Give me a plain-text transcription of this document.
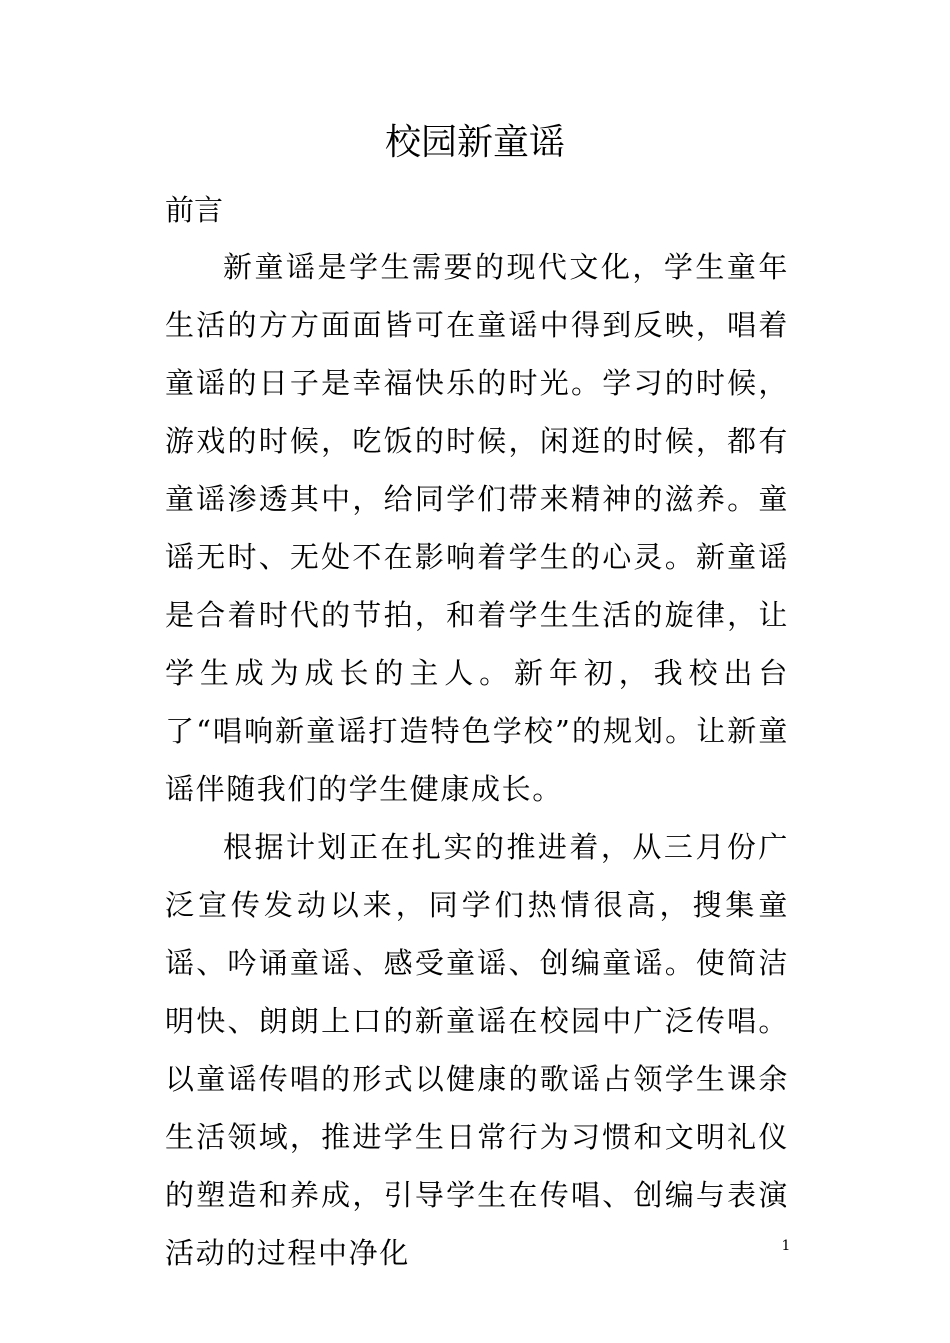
校园新童谣
前言

新童谣是学生需要的现代文化，学生童年生活的方方面面皆可在童谣中得到反映，唱着童谣的日子是幸福快乐的时光。学习的时候，游戏的时候，吃饭的时候，闲逛的时候，都有童谣渗透其中，给同学们带来精神的滋养。童谣无时、无处不在影响着学生的心灵。新童谣是合着时代的节拍，和着学生生活的旋律，让学生成为成长的主人。新年初，我校出台了“唱响新童谣打造特色学校”的规划。让新童谣伴随我们的学生健康成长。

根据计划正在扎实的推进着，从三月份广泛宣传发动以来，同学们热情很高，搜集童谣、吟诵童谣、感受童谣、创编童谣。使简洁明快、朗朗上口的新童谣在校园中广泛传唱。以童谣传唱的形式以健康的歌谣占领学生课余生活领域，推进学生日常行为习惯和文明礼仪的塑造和养成，引导学生在传唱、创编与表演活动的过程中净化	1
